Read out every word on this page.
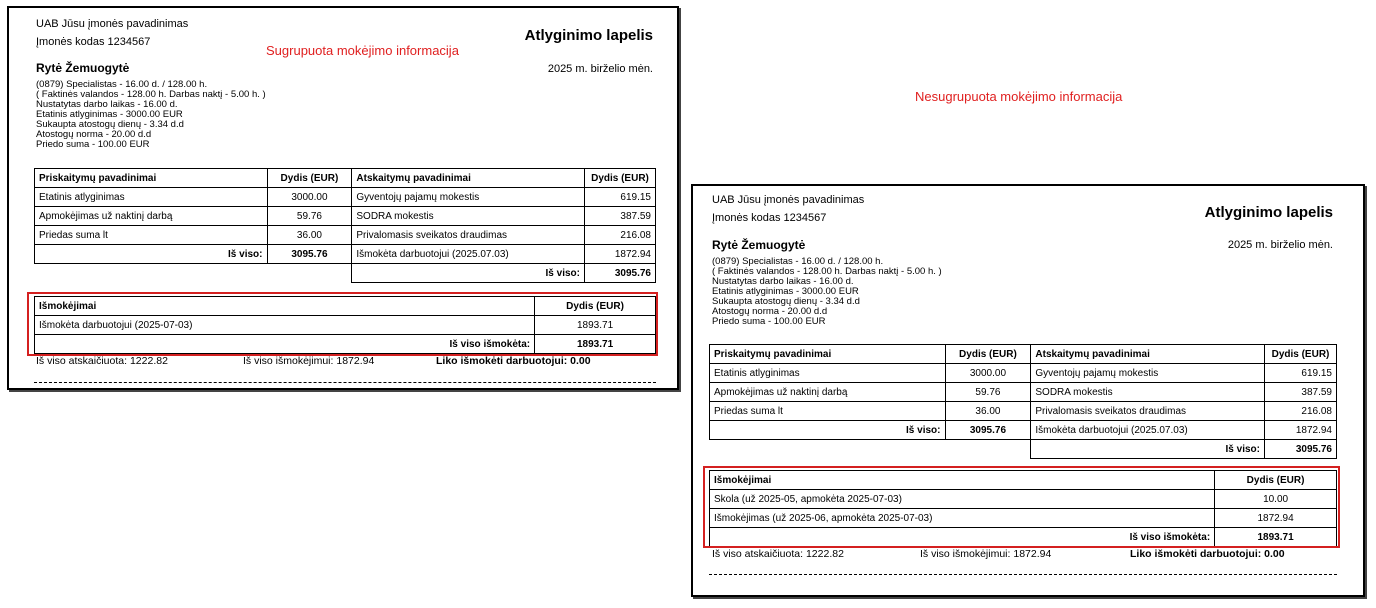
UAB Jūsu įmonės pavadinimas
Įmonės kodas 1234567	Atlyginimo lapelis
Rytė Žemuogytė	2025 m. birželio mėn.
(0879) Specialistas - 16.00 d. / 128.00 h.
( Faktinės valandos - 128.00 h. Darbas naktį - 5.00 h. )
Nustatytas darbo laikas - 16.00 d.
Etatinis atlyginimas - 3000.00 EUR
Sukaupta atostogų dienų - 3.34 d.d
Atostogų norma - 20.00 d.d
Priedo suma - 100.00 EUR
Priskaitymų pavadinimai	Dydis (EUR)	Atskaitymų pavadinimai	Dydis (EUR)
Etatinis atlyginimas	3000.00	Gyventojų pajamų mokestis	619.15
Apmokėjimas už naktinį darbą	59.76	SODRA mokestis	387.59
Priedas suma lt	36.00	Privalomasis sveikatos draudimas	216.08
Iš viso:	3095.76	Išmokėta darbuotojui (2025.07.03)	1872.94
		Iš viso:	3095.76
Išmokėjimai	Dydis (EUR)
Išmokėta darbuotojui (2025-07-03)	1893.71
Iš viso išmokėta:	1893.71
Iš viso atskaičiuota: 1222.82	Iš viso išmokėjimui: 1872.94	Liko išmokėti darbuotojui: 0.00
Sugrupuota mokėjimo informacija
Nesugrupuota mokėjimo informacija
UAB Jūsu įmonės pavadinimas
Įmonės kodas 1234567	Atlyginimo lapelis
Rytė Žemuogytė	2025 m. birželio mėn.
(0879) Specialistas - 16.00 d. / 128.00 h.
( Faktinės valandos - 128.00 h. Darbas naktį - 5.00 h. )
Nustatytas darbo laikas - 16.00 d.
Etatinis atlyginimas - 3000.00 EUR
Sukaupta atostogų dienų - 3.34 d.d
Atostogų norma - 20.00 d.d
Priedo suma - 100.00 EUR
Priskaitymų pavadinimai	Dydis (EUR)	Atskaitymų pavadinimai	Dydis (EUR)
Etatinis atlyginimas	3000.00	Gyventojų pajamų mokestis	619.15
Apmokėjimas už naktinį darbą	59.76	SODRA mokestis	387.59
Priedas suma lt	36.00	Privalomasis sveikatos draudimas	216.08
Iš viso:	3095.76	Išmokėta darbuotojui (2025.07.03)	1872.94
		Iš viso:	3095.76
Išmokėjimai	Dydis (EUR)
Skola (už 2025-05, apmokėta 2025-07-03)	10.00
Išmokėjimas (už 2025-06, apmokėta 2025-07-03)	1872.94
Iš viso išmokėta:	1893.71
Iš viso atskaičiuota: 1222.82	Iš viso išmokėjimui: 1872.94	Liko išmokėti darbuotojui: 0.00
